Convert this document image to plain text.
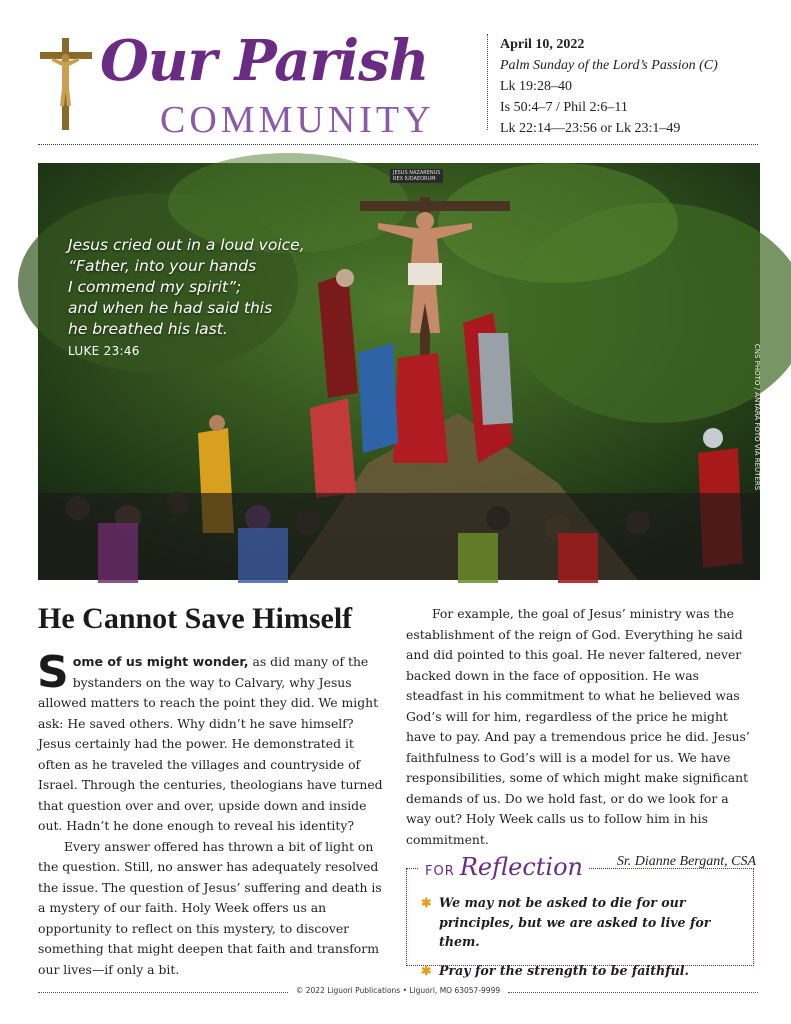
Our Parish
COMMUNITY
April 10, 2022
Palm Sunday of the Lord’s Passion (C)
Lk 19:28–40
Is 50:4–7 / Phil 2:6–11
Lk 22:14—23:56 or Lk 23:1–49
JESUS NAZARENUS
REX IUDAEORUM
Jesus cried out in a loud voice,
“Father, into your hands
I commend my spirit”;
and when he had said this
he breathed his last.
LUKE 23:46	CNS PHOTO / ANTARA FOTO VIA REUTERS
He Cannot Save Himself

Some of us might wonder, as did many of the bystanders on the way to Calvary, why Jesus allowed matters to reach the point they did. We might ask: He saved others. Why didn’t he save himself? Jesus certainly had the power. He demonstrated it often as he traveled the villages and countryside of Israel. Through the centuries, theologians have turned that question over and over, upside down and inside out. Hadn’t he done enough to reveal his identity?

Every answer offered has thrown a bit of light on the question. Still, no answer has adequately resolved the issue. The question of Jesus’ suffering and death is a mystery of our faith. Holy Week offers us an opportunity to reflect on this mystery, to discover something that might deepen that faith and transform our lives—if only a bit.

For example, the goal of Jesus’ ministry was the establishment of the reign of God. Everything he said and did pointed to this goal. He never faltered, never backed down in the face of opposition. He was steadfast in his commitment to what he believed was God’s will for him, regardless of the price he might have to pay. And pay a tremendous price he did. Jesus’ faithfulness to God’s will is a model for us. We have responsibilities, some of which might make significant demands of us. Do we hold fast, or do we look for a way out? Holy Week calls us to follow him in his commitment.

Sr. Dianne Bergant, CSA
FOR Reflection
✱ We may not be asked to die for our principles, but we are asked to live for them.
✱ Pray for the strength to be faithful.
© 2022 Liguori Publications • Liguori, MO 63057-9999
